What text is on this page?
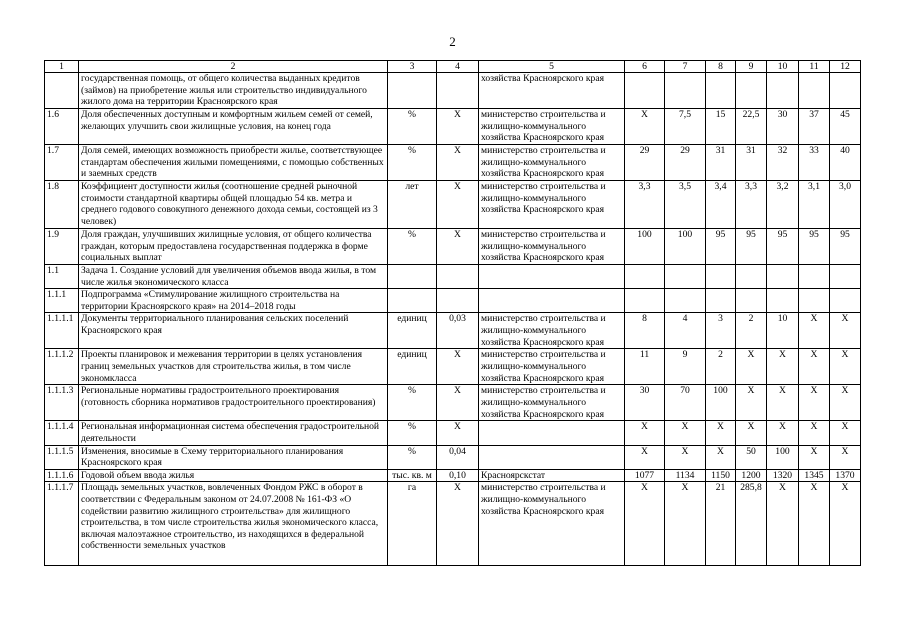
2
1	2	3	4	5	6	7	8	9	10	11	12
	государственная помощь, от общего количества выданных кредитов (займов) на приобретение жилья или строительство индивидуального жилого дома на территории Красноярского края			хозяйства Красноярского края							
1.6	Доля обеспеченных доступным и комфортным жильем семей от семей, желающих улучшить свои жилищные условия, на конец года	%	X	министерство строительства и жилищно-коммунального хозяйства Красноярского края	X	7,5	15	22,5	30	37	45
1.7	Доля семей, имеющих возможность приобрести жилье, соответствующее стандартам обеспечения жилыми помещениями, с помощью собственных и заемных средств	%	X	министерство строительства и жилищно-коммунального хозяйства Красноярского края	29	29	31	31	32	33	40
1.8	Коэффициент доступности жилья (соотношение средней рыночной стоимости стандартной квартиры общей площадью 54 кв. метра и среднего годового совокупного денежного дохода семьи, состоящей из 3 человек)	лет	X	министерство строительства и жилищно-коммунального хозяйства Красноярского края	3,3	3,5	3,4	3,3	3,2	3,1	3,0
1.9	Доля граждан, улучшивших жилищные условия, от общего количества граждан, которым предоставлена государственная поддержка в форме социальных выплат	%	X	министерство строительства и жилищно-коммунального хозяйства Красноярского края	100	100	95	95	95	95	95
1.1	Задача 1. Создание условий для увеличения объемов ввода жилья, в том числе жилья экономического класса										
1.1.1	Подпрограмма «Стимулирование жилищного строительства на территории Красноярского края» на 2014–2018 годы										
1.1.1.1	Документы территориального планирования сельских поселений Красноярского края	единиц	0,03	министерство строительства и жилищно-коммунального хозяйства Красноярского края	8	4	3	2	10	X	X
1.1.1.2	Проекты планировок и межевания территории в целях установления границ земельных участков для строительства жилья, в том числе экономкласса	единиц	X	министерство строительства и жилищно-коммунального хозяйства Красноярского края	11	9	2	X	X	X	X
1.1.1.3	Региональные нормативы градостроительного проектирования (готовность сборника нормативов градостроительного проектирования)	%	X	министерство строительства и жилищно-коммунального хозяйства Красноярского края	30	70	100	X	X	X	X
1.1.1.4	Региональная информационная система обеспечения градостроительной деятельности	%	X		X	X	X	X	X	X	X
1.1.1.5	Изменения, вносимые в Схему территориального планирования Красноярского края	%	0,04		X	X	X	50	100	X	X
1.1.1.6	Годовой объем ввода жилья	тыс. кв. м	0,10	Красноярскстат	1077	1134	1150	1200	1320	1345	1370
1.1.1.7	Площадь земельных участков, вовлеченных Фондом РЖС в оборот в соответствии с Федеральным законом от 24.07.2008 № 161-ФЗ «О содействии развитию жилищного строительства» для жилищного строительства, в том числе строительства жилья экономического класса, включая малоэтажное строительство, из находящихся в федеральной собственности земельных участков	га	X	министерство строительства и жилищно-коммунального хозяйства Красноярского края	X	X	21	285,8	X	X	X
